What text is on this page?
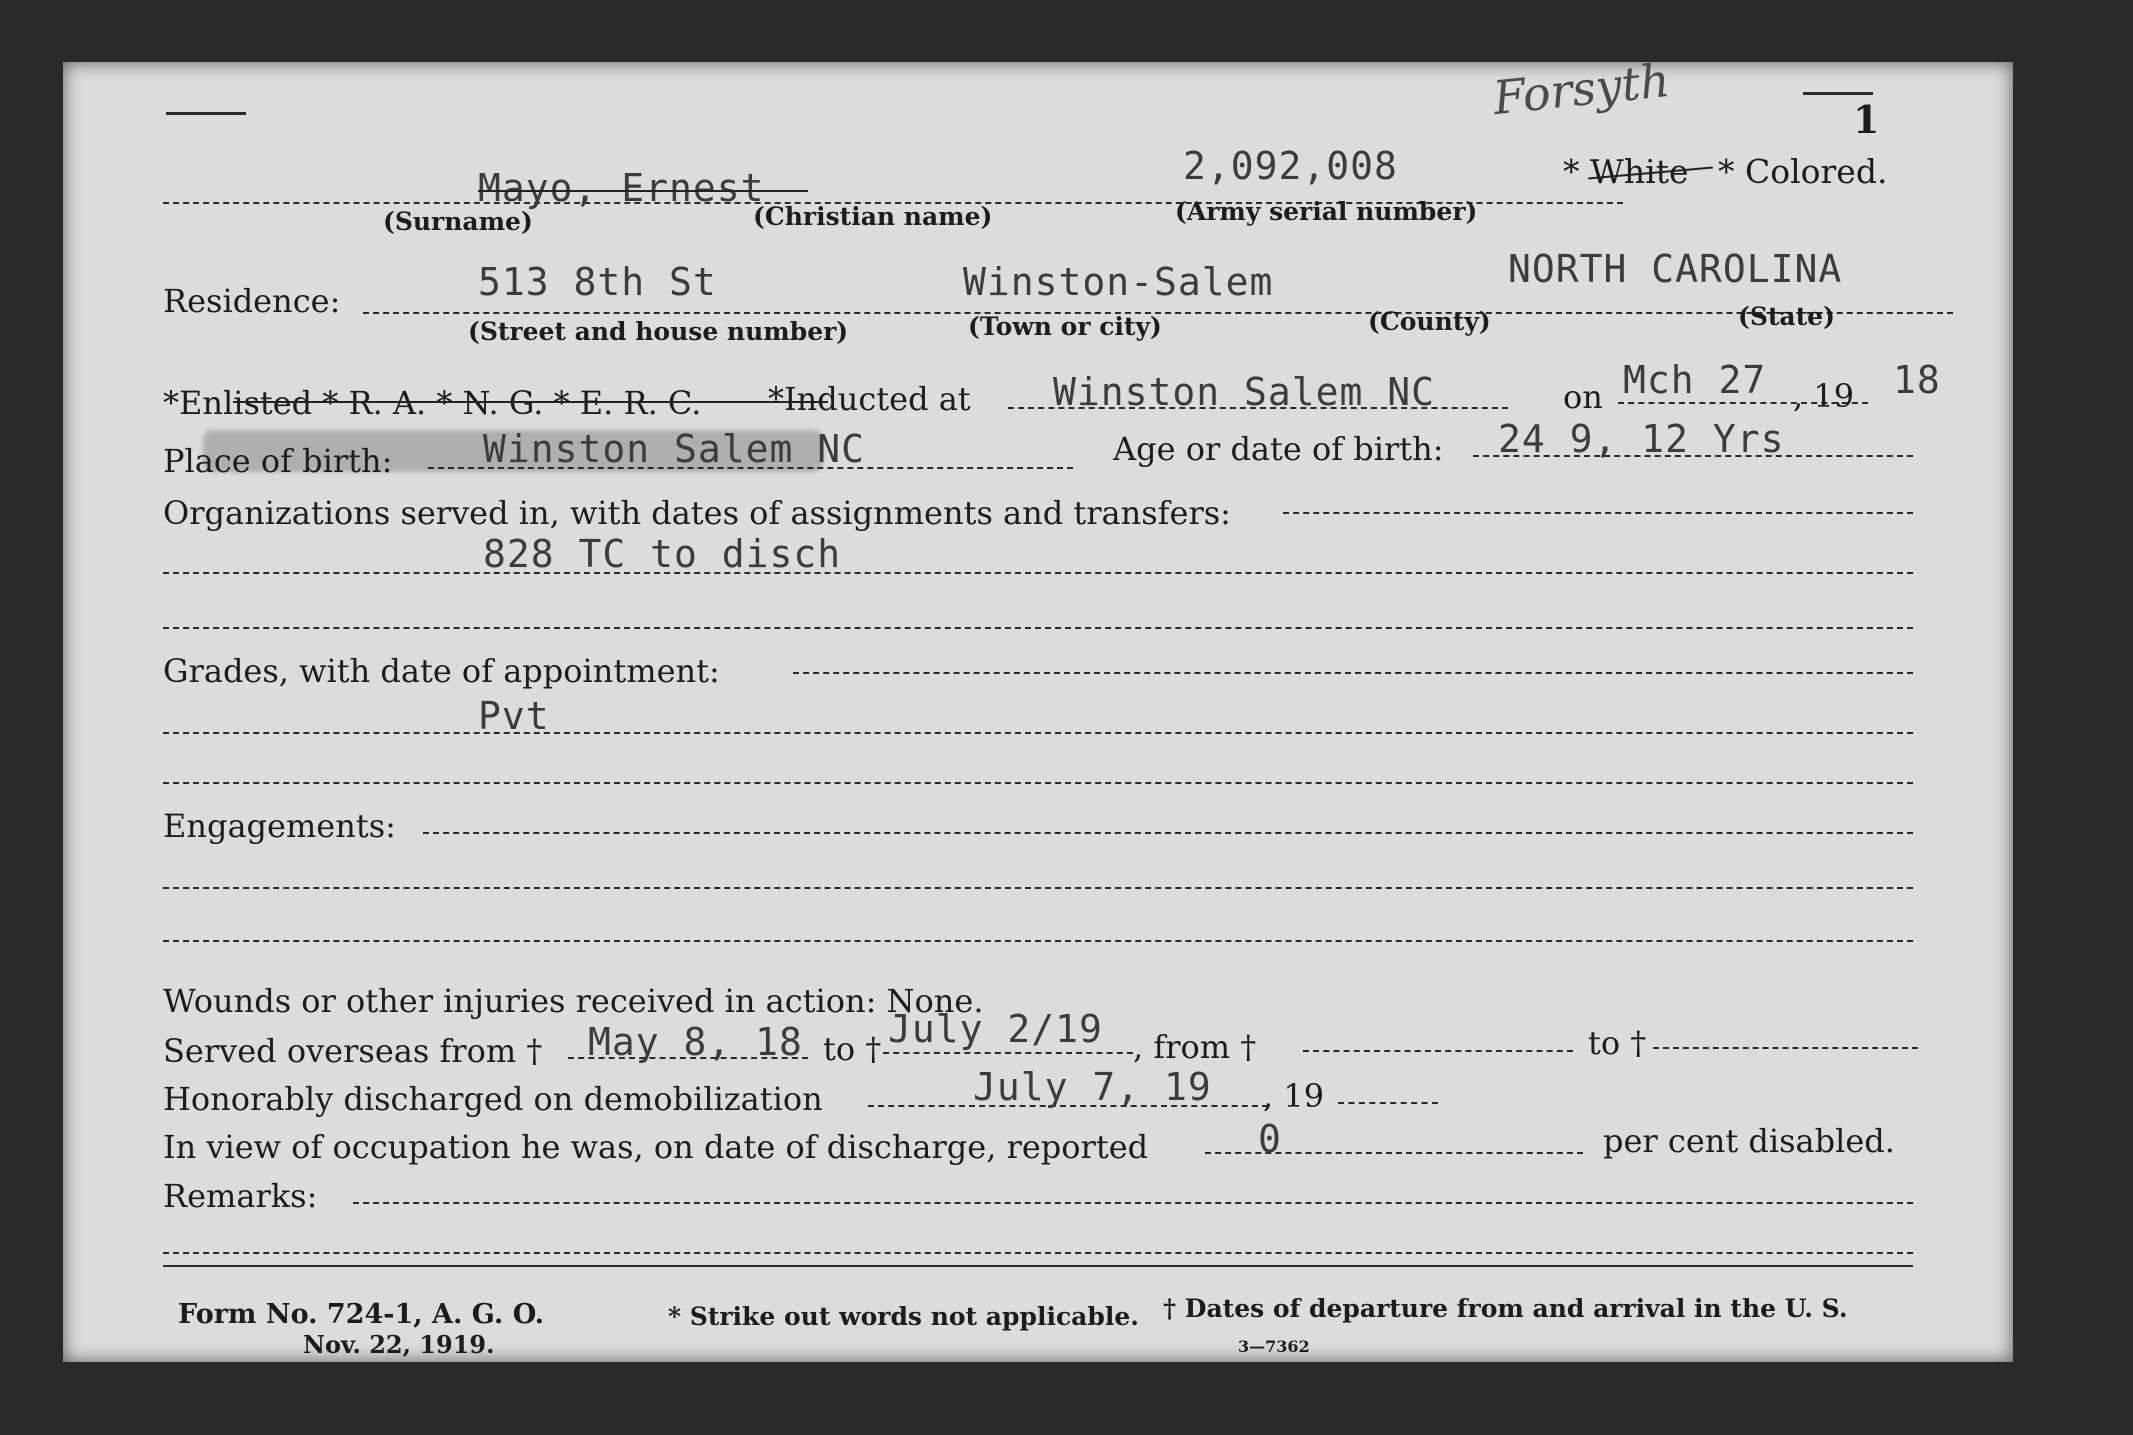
1
Forsyth
Mayo, Ernest	2,092,008	* White * Colored.
(Surname)	(Christian name)	(Army serial number)
Residence:	513 8th St	Winston-Salem	NORTH CAROLINA
(Street and house number)	(Town or city)	(County)	(State)
*Enlisted * R. A. * N. G. * E. R. C. *Inducted at Winston Salem NC	on Mch 27 , 19 18
Place of birth: Winston Salem NC	Age or date of birth: 24 9, 12 Yrs
Organizations served in, with dates of assignments and transfers:
828 TC to disch
Grades, with date of appointment:
Pvt
Engagements:
Wounds or other injuries received in action: None.
Served overseas from † May 8, 18 to † July 2/19 , from †	to †
Honorably discharged on demobilization	July 7, 19 , 19
In view of occupation he was, on date of discharge, reported	0	per cent disabled.
Remarks:
Form No. 724-1, A. G. O.
Nov. 22, 1919.
* Strike out words not applicable. † Dates of departure from and arrival in the U. S.
3—7362
